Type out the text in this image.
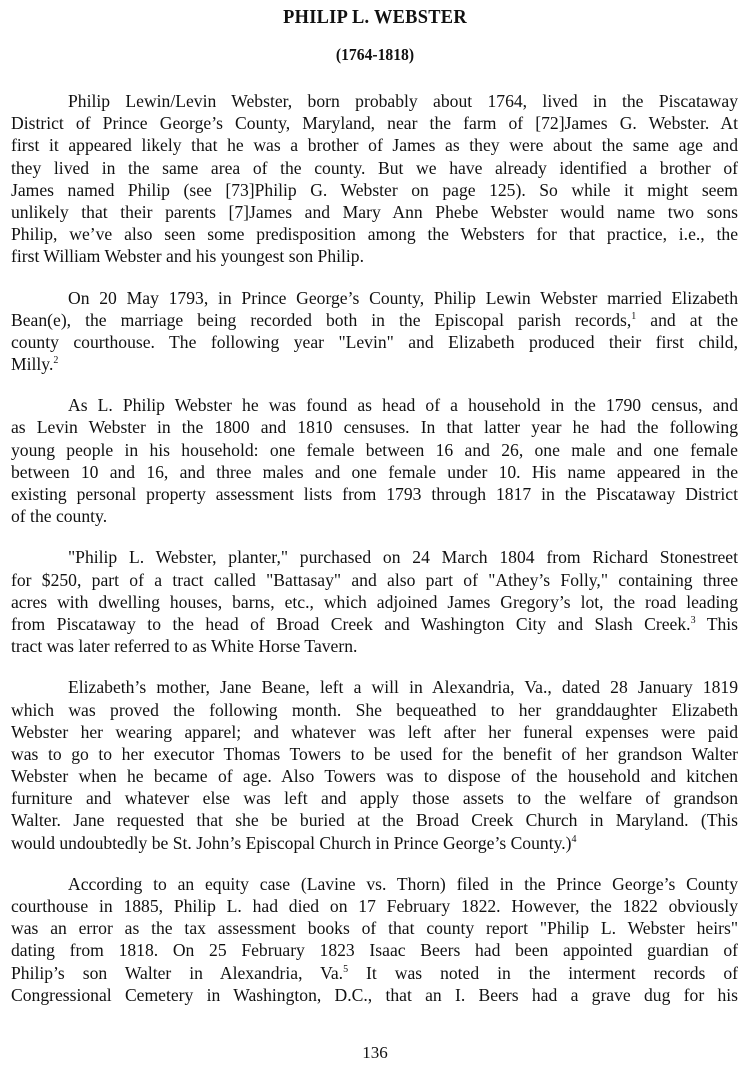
PHILIP L. WEBSTER
(1764-1818)
Philip Lewin/Levin Webster, born probably about 1764, lived in the Piscataway
District of Prince George’s County, Maryland, near the farm of [72]James G. Webster. At
first it appeared likely that he was a brother of James as they were about the same age and
they lived in the same area of the county. But we have already identified a brother of
James named Philip (see [73]Philip G. Webster on page 125). So while it might seem
unlikely that their parents [7]James and Mary Ann Phebe Webster would name two sons
Philip, we’ve also seen some predisposition among the Websters for that practice, i.e., the
first William Webster and his youngest son Philip.
On 20 May 1793, in Prince George’s County, Philip Lewin Webster married Elizabeth
Bean(e), the marriage being recorded both in the Episcopal parish records,$^1$ and at the
county courthouse. The following year "Levin" and Elizabeth produced their first child,
Milly.$^2$
As L. Philip Webster he was found as head of a household in the 1790 census, and
as Levin Webster in the 1800 and 1810 censuses. In that latter year he had the following
young people in his household: one female between 16 and 26, one male and one female
between 10 and 16, and three males and one female under 10. His name appeared in the
existing personal property assessment lists from 1793 through 1817 in the Piscataway District
of the county.
"Philip L. Webster, planter," purchased on 24 March 1804 from Richard Stonestreet
for $250, part of a tract called "Battasay" and also part of "Athey’s Folly," containing three
acres with dwelling houses, barns, etc., which adjoined James Gregory’s lot, the road leading
from Piscataway to the head of Broad Creek and Washington City and Slash Creek.$^3$ This
tract was later referred to as White Horse Tavern.
Elizabeth’s mother, Jane Beane, left a will in Alexandria, Va., dated 28 January 1819
which was proved the following month. She bequeathed to her granddaughter Elizabeth
Webster her wearing apparel; and whatever was left after her funeral expenses were paid
was to go to her executor Thomas Towers to be used for the benefit of her grandson Walter
Webster when he became of age. Also Towers was to dispose of the household and kitchen
furniture and whatever else was left and apply those assets to the welfare of grandson
Walter. Jane requested that she be buried at the Broad Creek Church in Maryland. (This
would undoubtedly be St. John’s Episcopal Church in Prince George’s County.)$^4$
According to an equity case (Lavine vs. Thorn) filed in the Prince George’s County
courthouse in 1885, Philip L. had died on 17 February 1822. However, the 1822 obviously
was an error as the tax assessment books of that county report "Philip L. Webster heirs"
dating from 1818. On 25 February 1823 Isaac Beers had been appointed guardian of
Philip’s son Walter in Alexandria, Va.$^5$ It was noted in the interment records of
Congressional Cemetery in Washington, D.C., that an I. Beers had a grave dug for his
136
